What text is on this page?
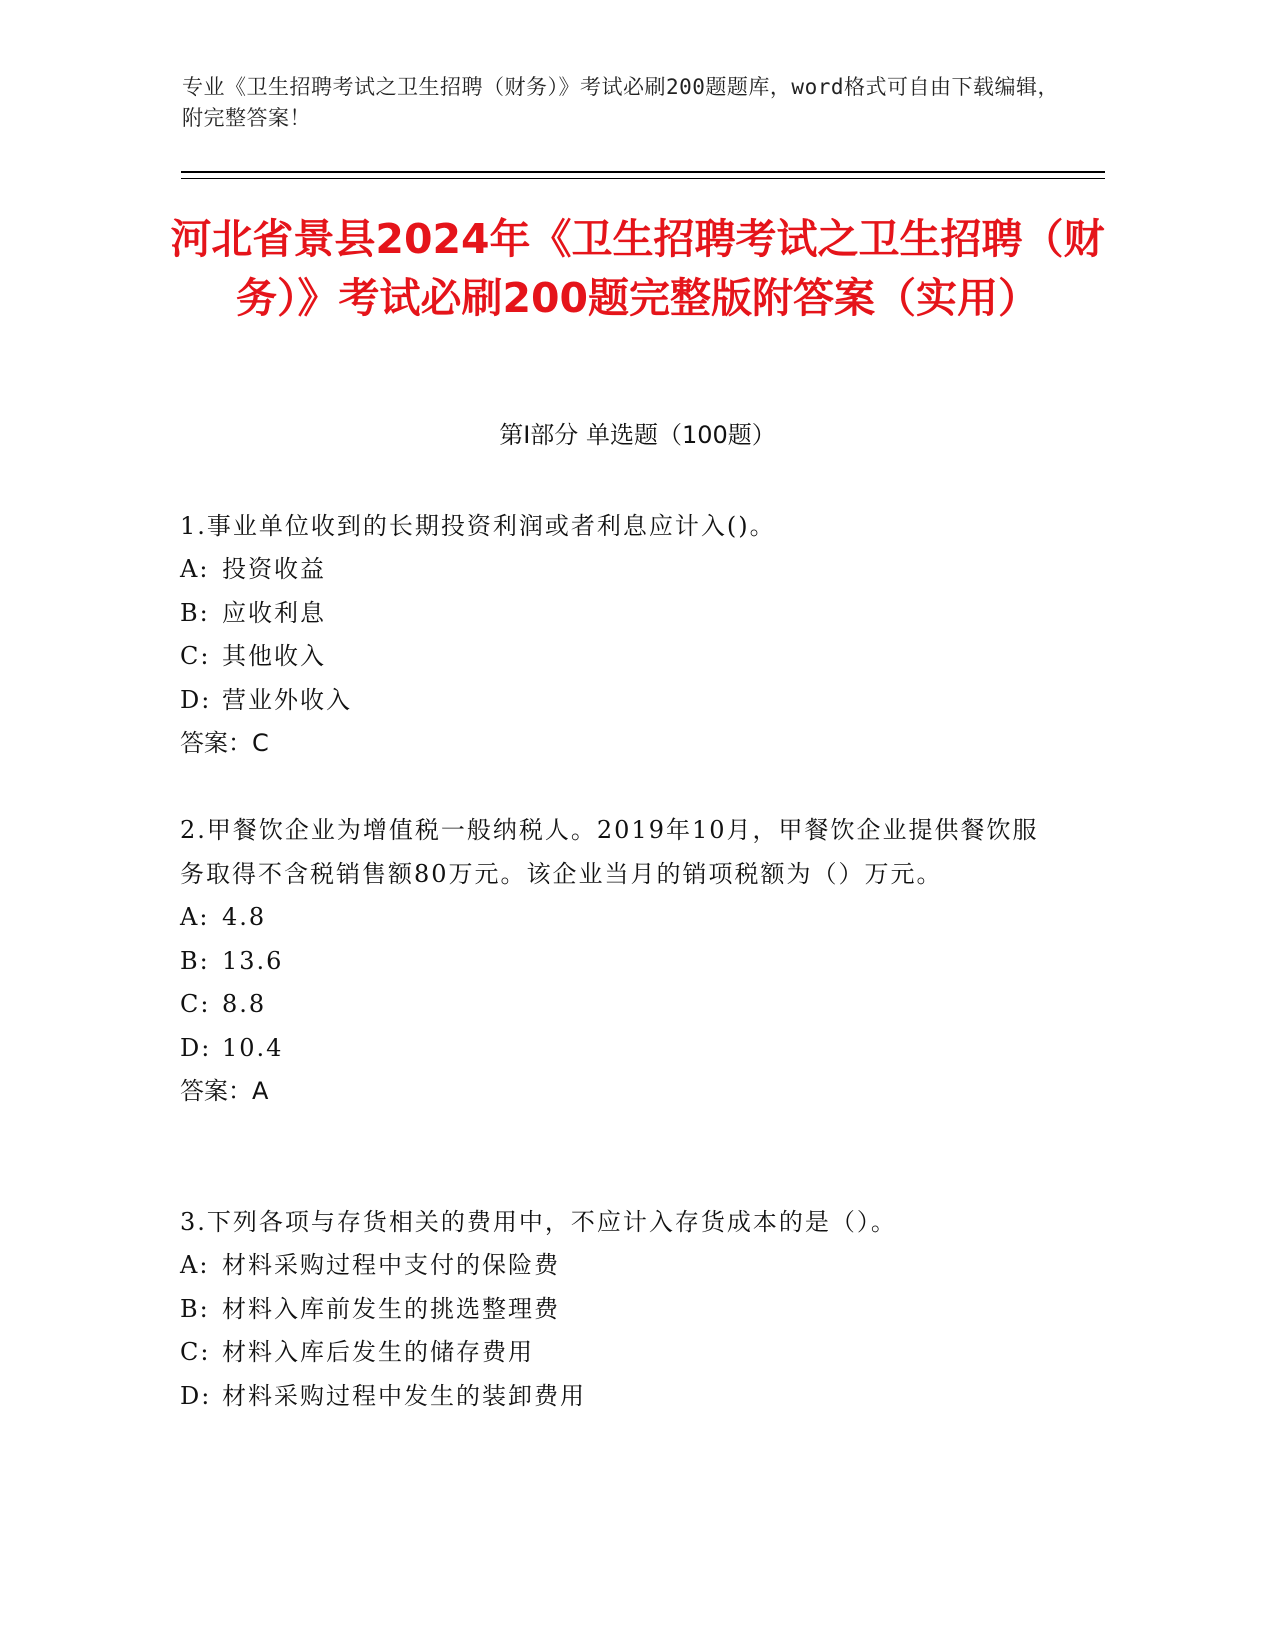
专业《卫生招聘考试之卫生招聘（财务）》考试必刷200题题库，word格式可自由下载编辑，附完整答案！
河北省景县2024年《卫生招聘考试之卫生招聘（财务）》考试必刷200题完整版附答案（实用）
第Ⅰ部分 单选题（100题）

1.事业单位收到的长期投资利润或者利息应计入()。

A: 投资收益

B: 应收利息

C: 其他收入

D: 营业外收入

答案：C

2.甲餐饮企业为增值税一般纳税人。2019年10月，甲餐饮企业提供餐饮服务取得不含税销售额80万元。该企业当月的销项税额为（）万元。

A: 4.8

B: 13.6

C: 8.8

D: 10.4

答案：A

3.下列各项与存货相关的费用中，不应计入存货成本的是（）。

A: 材料采购过程中支付的保险费

B: 材料入库前发生的挑选整理费

C: 材料入库后发生的储存费用

D: 材料采购过程中发生的装卸费用
